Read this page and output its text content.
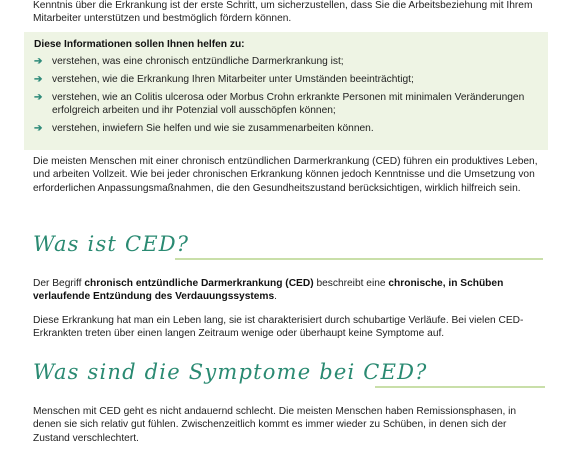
Kenntnis über die Erkrankung ist der erste Schritt, um sicherzustellen, dass Sie die Arbeitsbeziehung mit Ihrem Mitarbeiter unterstützen und bestmöglich fördern können.

Diese Informationen sollen Ihnen helfen zu:
➔ verstehen, was eine chronisch entzündliche Darmerkrankung ist;
➔ verstehen, wie die Erkrankung Ihren Mitarbeiter unter Umständen beeinträchtigt;
➔ verstehen, wie an Colitis ulcerosa oder Morbus Crohn erkrankte Personen mit minimalen Veränderungen erfolgreich arbeiten und ihr Potenzial voll ausschöpfen können;
➔ verstehen, inwiefern Sie helfen und wie sie zusammenarbeiten können.

Die meisten Menschen mit einer chronisch entzündlichen Darmerkrankung (CED) führen ein produktives Leben, und arbeiten Vollzeit. Wie bei jeder chronischen Erkrankung können jedoch Kenntnisse und die Umsetzung von erforderlichen Anpassungsmaßnahmen, die den Gesundheitszustand berücksichtigen, wirklich hilfreich sein.

Was ist CED?

Der Begriff chronisch entzündliche Darmerkrankung (CED) beschreibt eine chronische, in Schüben verlaufende Entzündung des Verdauungssystems.

Diese Erkrankung hat man ein Leben lang, sie ist charakterisiert durch schubartige Verläufe. Bei vielen CED-Erkrankten treten über einen langen Zeitraum wenige oder überhaupt keine Symptome auf.

Was sind die Symptome bei CED?

Menschen mit CED geht es nicht andauernd schlecht. Die meisten Menschen haben Remissionsphasen, in denen sie sich relativ gut fühlen. Zwischenzeitlich kommt es immer wieder zu Schüben, in denen sich der Zustand verschlechtert.
